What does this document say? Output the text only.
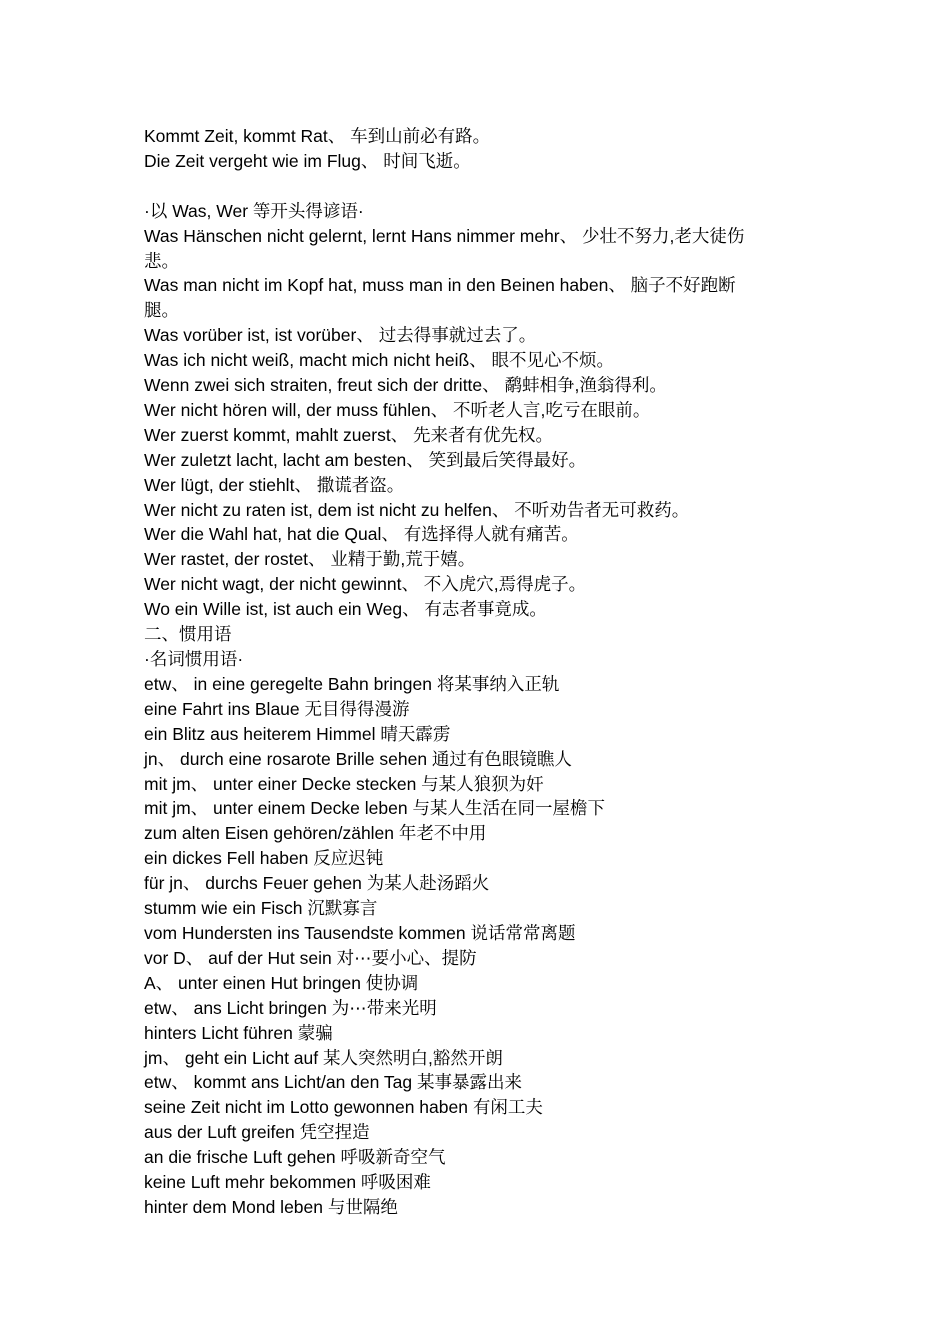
Kommt Zeit, kommt Rat、 车到山前必有路。

Die Zeit vergeht wie im Flug、 时间飞逝。

·以 Was, Wer 等开头得谚语·

Was Hänschen nicht gelernt, lernt Hans nimmer mehr、 少壮不努力,老大徒伤

悲。

Was man nicht im Kopf hat, muss man in den Beinen haben、 脑子不好跑断

腿。

Was vorüber ist, ist vorüber、 过去得事就过去了。

Was ich nicht weiß, macht mich nicht heiß、 眼不见心不烦。

Wenn zwei sich straiten, freut sich der dritte、 鹬蚌相争,渔翁得利。

Wer nicht hören will, der muss fühlen、 不听老人言,吃亏在眼前。

Wer zuerst kommt, mahlt zuerst、 先来者有优先权。

Wer zuletzt lacht, lacht am besten、 笑到最后笑得最好。

Wer lügt, der stiehlt、 撒谎者盗。

Wer nicht zu raten ist, dem ist nicht zu helfen、 不听劝告者无可救药。

Wer die Wahl hat, hat die Qual、 有选择得人就有痛苦。

Wer rastet, der rostet、 业精于勤,荒于嬉。

Wer nicht wagt, der nicht gewinnt、 不入虎穴,焉得虎子。

Wo ein Wille ist, ist auch ein Weg、 有志者事竟成。

二、惯用语

·名词惯用语·

etw、 in eine geregelte Bahn bringen 将某事纳入正轨

eine Fahrt ins Blaue 无目得得漫游

ein Blitz aus heiterem Himmel 晴天霹雳

jn、 durch eine rosarote Brille sehen 通过有色眼镜瞧人

mit jm、 unter einer Decke stecken 与某人狼狈为奸

mit jm、 unter einem Decke leben 与某人生活在同一屋檐下

zum alten Eisen gehören/zählen 年老不中用

ein dickes Fell haben 反应迟钝

für jn、 durchs Feuer gehen 为某人赴汤蹈火

stumm wie ein Fisch 沉默寡言

vom Hundersten ins Tausendste kommen 说话常常离题

vor D、 auf der Hut sein 对⋯要小心、提防

A、 unter einen Hut bringen 使协调

etw、 ans Licht bringen 为⋯带来光明

hinters Licht führen 蒙骗

jm、 geht ein Licht auf 某人突然明白,豁然开朗

etw、 kommt ans Licht/an den Tag 某事暴露出来

seine Zeit nicht im Lotto gewonnen haben 有闲工夫

aus der Luft greifen 凭空捏造

an die frische Luft gehen 呼吸新奇空气

keine Luft mehr bekommen 呼吸困难

hinter dem Mond leben 与世隔绝
